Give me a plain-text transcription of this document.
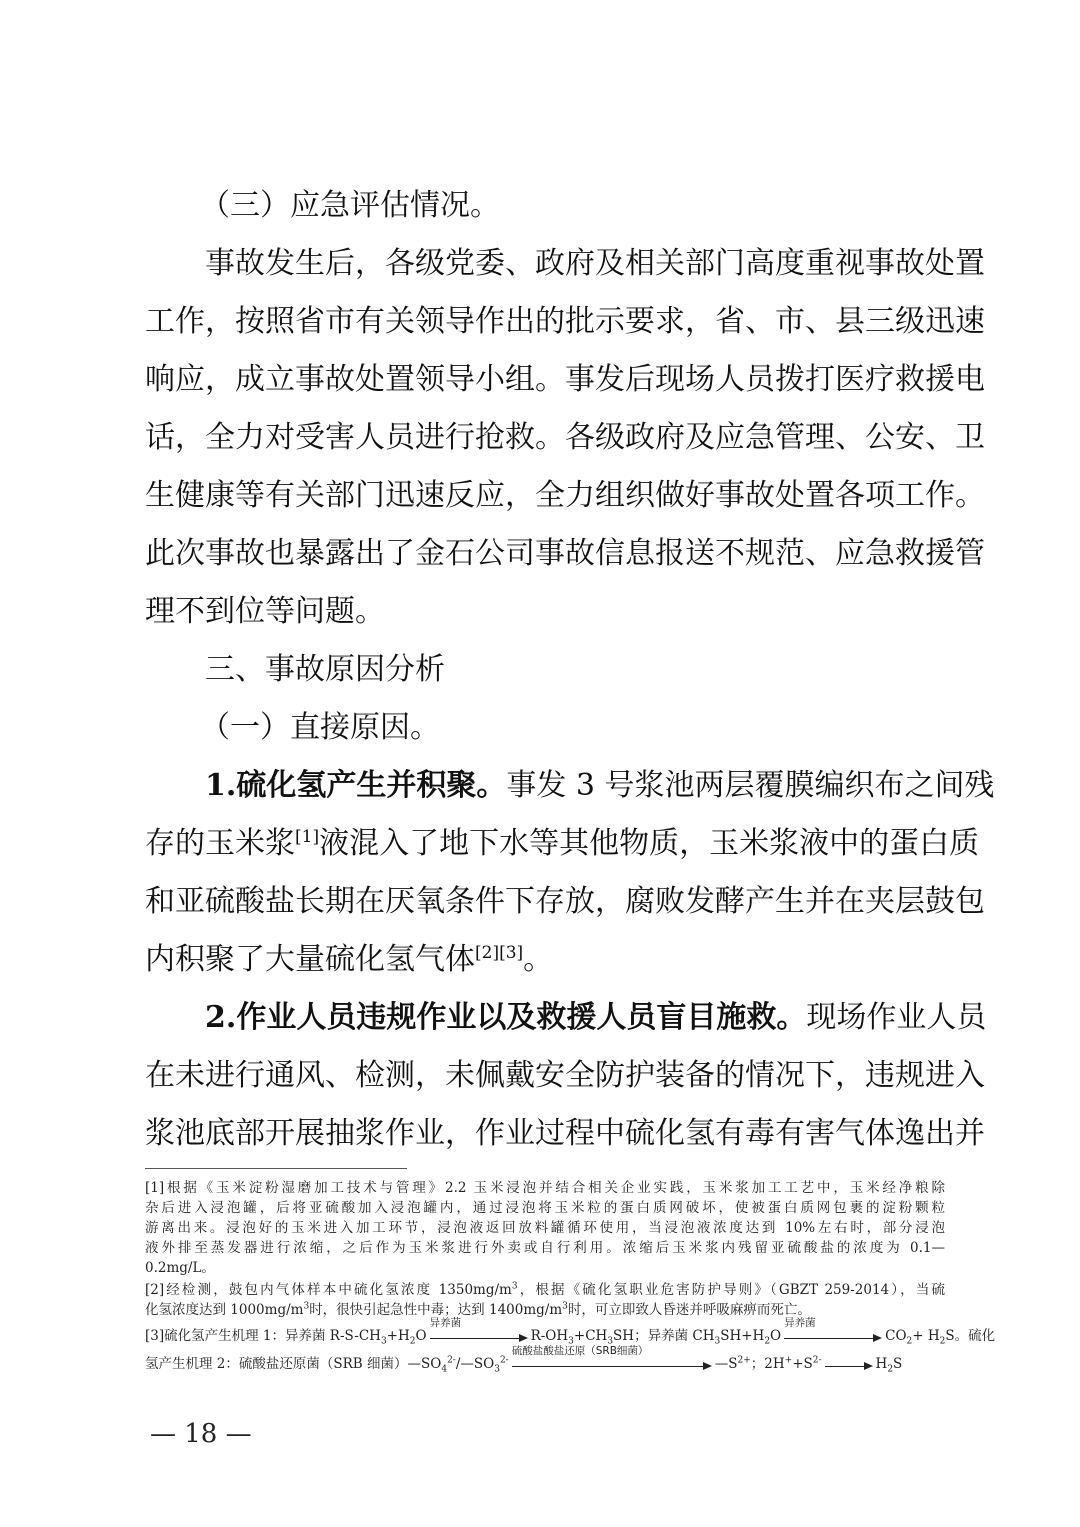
（三）应急评估情况。
事故发生后，各级党委、政府及相关部门高度重视事故处置
工作，按照省市有关领导作出的批示要求，省、市、县三级迅速
响应，成立事故处置领导小组。事发后现场人员拨打医疗救援电
话，全力对受害人员进行抢救。各级政府及应急管理、公安、卫
生健康等有关部门迅速反应，全力组织做好事故处置各项工作。
此次事故也暴露出了金石公司事故信息报送不规范、应急救援管
理不到位等问题。
三、事故原因分析
（一）直接原因。
1.硫化氢产生并积聚。事发 3 号浆池两层覆膜编织布之间残
存的玉米浆[1]液混入了地下水等其他物质，玉米浆液中的蛋白质
和亚硫酸盐长期在厌氧条件下存放，腐败发酵产生并在夹层鼓包
内积聚了大量硫化氢气体[2][3]。
2.作业人员违规作业以及救援人员盲目施救。现场作业人员
在未进行通风、检测，未佩戴安全防护装备的情况下，违规进入
浆池底部开展抽浆作业，作业过程中硫化氢有毒有害气体逸出并
[1]根据《玉米淀粉湿磨加工技术与管理》2.2 玉米浸泡并结合相关企业实践，玉米浆加工工艺中，玉米经净粮除
杂后进入浸泡罐，后将亚硫酸加入浸泡罐内，通过浸泡将玉米粒的蛋白质网破坏，使被蛋白质网包裹的淀粉颗粒
游离出来。浸泡好的玉米进入加工环节，浸泡液返回放料罐循环使用，当浸泡液浓度达到 10%左右时，部分浸泡
液外排至蒸发器进行浓缩，之后作为玉米浆进行外卖或自行利用。浓缩后玉米浆内残留亚硫酸盐的浓度为 0.1—
0.2mg/L。
[2]经检测，鼓包内气体样本中硫化氢浓度 $1350mg/m^3$，根据《硫化氢职业危害防护导则》（GBZT 259-2014），当硫
化氢浓度达到 $1000mg/m^3$时，很快引起急性中毒；达到 $1400mg/m^3$时，可立即致人昏迷并呼吸麻痹而死亡。
[3]硫化氢产生机理 1：异养菌 $R-S-CH_3+H_2O$
异养菌
$R-OH_3+CH_3SH$；异养菌 $CH_3SH+H_2O$
异养菌
$CO_2+ H_2S$。硫化
氢产生机理 2：硫酸盐还原菌（SRB 细菌）$—SO_4^{2-}/—SO_3^{2-}$
硫酸盐酸盐还原（SRB细菌）
$—S^{2+}$；$2H^++S^{2-}$	$H_2S$
— 18 —
